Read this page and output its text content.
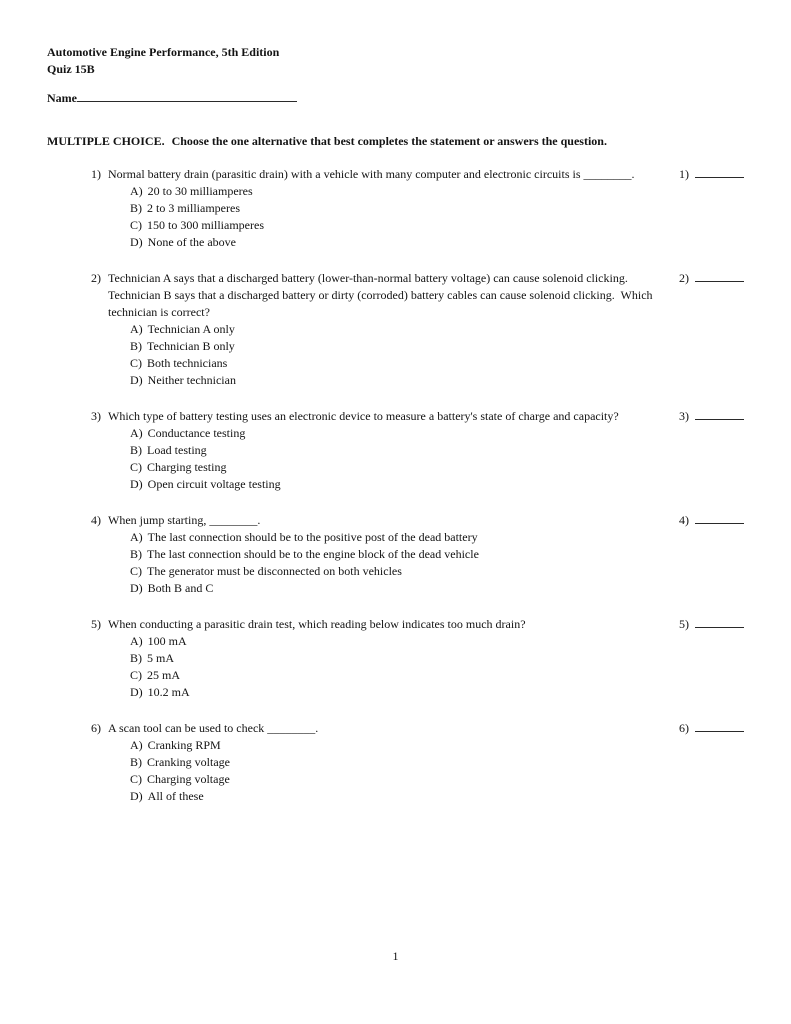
Automotive Engine Performance, 5th Edition
Quiz 15B
Name
MULTIPLE CHOICE. Choose the one alternative that best completes the statement or answers the question.
1) Normal battery drain (parasitic drain) with a vehicle with many computer and electronic circuits is ________.

A) 20 to 30 milliamperes
B) 2 to 3 milliamperes
C) 150 to 300 milliamperes
D) None of the above
1)
2) Technician A says that a discharged battery (lower-than-normal battery voltage) can cause solenoid clicking.  Technician B says that a discharged battery or dirty (corroded) battery cables can cause solenoid clicking.  Which technician is correct?

A) Technician A only
B) Technician B only
C) Both technicians
D) Neither technician
2)
3) Which type of battery testing uses an electronic device to measure a battery's state of charge and capacity?

A) Conductance testing
B) Load testing
C) Charging testing
D) Open circuit voltage testing
3)
4) When jump starting, ________.

A) The last connection should be to the positive post of the dead battery
B) The last connection should be to the engine block of the dead vehicle
C) The generator must be disconnected on both vehicles
D) Both B and C
4)
5) When conducting a parasitic drain test, which reading below indicates too much drain?

A) 100 mA
B) 5 mA
C) 25 mA
D) 10.2 mA
5)
6) A scan tool can be used to check ________.

A) Cranking RPM
B) Cranking voltage
C) Charging voltage
D) All of these
6)
1
